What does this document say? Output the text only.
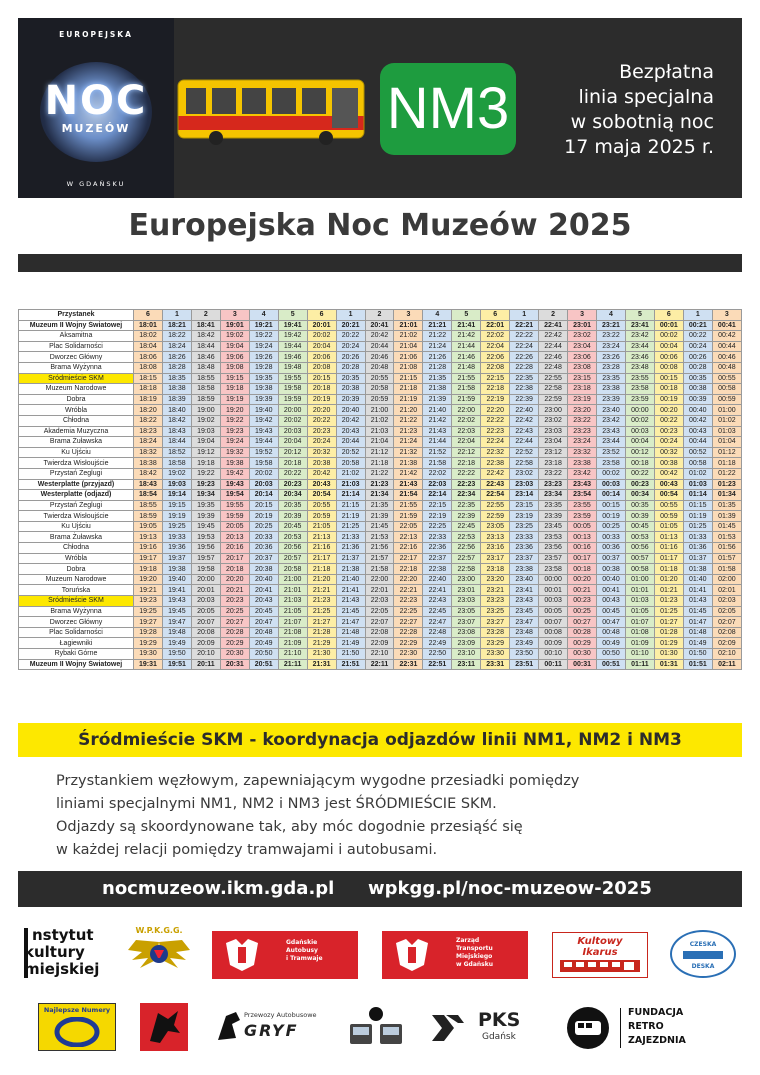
EUROPEJSKA
NOC
MUZEÓW
W GDAŃSKU
NM3
Bezpłatna
linia specjalna
w sobotnią noc
17 maja 2025 r.
Europejska Noc Muzeów 2025
Przystanek	6	1	2	3	4	5	6	1	2	3	4	5	6	1	2	3	4	5	6	1	3
Muzeum II Wojny Światowej	18:01	18:21	18:41	19:01	19:21	19:41	20:01	20:21	20:41	21:01	21:21	21:41	22:01	22:21	22:41	23:01	23:21	23:41	00:01	00:21	00:41
Aksamitna	18:02	18:22	18:42	19:02	19:22	19:42	20:02	20:22	20:42	21:02	21:22	21:42	22:02	22:22	22:42	23:02	23:22	23:42	00:02	00:22	00:42
Plac Solidarności	18:04	18:24	18:44	19:04	19:24	19:44	20:04	20:24	20:44	21:04	21:24	21:44	22:04	22:24	22:44	23:04	23:24	23:44	00:04	00:24	00:44
Dworzec Główny	18:06	18:26	18:46	19:06	19:26	19:46	20:06	20:26	20:46	21:06	21:26	21:46	22:06	22:26	22:46	23:06	23:26	23:46	00:06	00:26	00:46
Brama Wyżynna	18:08	18:28	18:48	19:08	19:28	19:48	20:08	20:28	20:48	21:08	21:28	21:48	22:08	22:28	22:48	23:08	23:28	23:48	00:08	00:28	00:48
Śródmieście SKM	18:15	18:35	18:55	19:15	19:35	19:55	20:15	20:35	20:55	21:15	21:35	21:55	22:15	22:35	22:55	23:15	23:35	23:55	00:15	00:35	00:55
Muzeum Narodowe	18:18	18:38	18:58	19:18	19:38	19:58	20:18	20:38	20:58	21:18	21:38	21:58	22:18	22:38	22:58	23:18	23:38	23:58	00:18	00:38	00:58
Dobra	18:19	18:39	18:59	19:19	19:39	19:59	20:19	20:39	20:59	21:19	21:39	21:59	22:19	22:39	22:59	23:19	23:39	23:59	00:19	00:39	00:59
Wróbla	18:20	18:40	19:00	19:20	19:40	20:00	20:20	20:40	21:00	21:20	21:40	22:00	22:20	22:40	23:00	23:20	23:40	00:00	00:20	00:40	01:00
Chłodna	18:22	18:42	19:02	19:22	19:42	20:02	20:22	20:42	21:02	21:22	21:42	22:02	22:22	22:42	23:02	23:22	23:42	00:02	00:22	00:42	01:02
Akademia Muzyczna	18:23	18:43	19:03	19:23	19:43	20:03	20:23	20:43	21:03	21:23	21:43	22:03	22:23	22:43	23:03	23:23	23:43	00:03	00:23	00:43	01:03
Brama Żuławska	18:24	18:44	19:04	19:24	19:44	20:04	20:24	20:44	21:04	21:24	21:44	22:04	22:24	22:44	23:04	23:24	23:44	00:04	00:24	00:44	01:04
Ku Ujściu	18:32	18:52	19:12	19:32	19:52	20:12	20:32	20:52	21:12	21:32	21:52	22:12	22:32	22:52	23:12	23:32	23:52	00:12	00:32	00:52	01:12
Twierdza Wisłoujście	18:38	18:58	19:18	19:38	19:58	20:18	20:38	20:58	21:18	21:38	21:58	22:18	22:38	22:58	23:18	23:38	23:58	00:18	00:38	00:58	01:18
Przystań Żeglugi	18:42	19:02	19:22	19:42	20:02	20:22	20:42	21:02	21:22	21:42	22:02	22:22	22:42	23:02	23:22	23:42	00:02	00:22	00:42	01:02	01:22
Westerplatte (przyjazd)	18:43	19:03	19:23	19:43	20:03	20:23	20:43	21:03	21:23	21:43	22:03	22:23	22:43	23:03	23:23	23:43	00:03	00:23	00:43	01:03	01:23
Westerplatte (odjazd)	18:54	19:14	19:34	19:54	20:14	20:34	20:54	21:14	21:34	21:54	22:14	22:34	22:54	23:14	23:34	23:54	00:14	00:34	00:54	01:14	01:34
Przystań Żeglugi	18:55	19:15	19:35	19:55	20:15	20:35	20:55	21:15	21:35	21:55	22:15	22:35	22:55	23:15	23:35	23:55	00:15	00:35	00:55	01:15	01:35
Twierdza Wisłoujście	18:59	19:19	19:39	19:59	20:19	20:39	20:59	21:19	21:39	21:59	22:19	22:39	22:59	23:19	23:39	23:59	00:19	00:39	00:59	01:19	01:39
Ku Ujściu	19:05	19:25	19:45	20:05	20:25	20:45	21:05	21:25	21:45	22:05	22:25	22:45	23:05	23:25	23:45	00:05	00:25	00:45	01:05	01:25	01:45
Brama Żuławska	19:13	19:33	19:53	20:13	20:33	20:53	21:13	21:33	21:53	22:13	22:33	22:53	23:13	23:33	23:53	00:13	00:33	00:53	01:13	01:33	01:53
Chłodna	19:16	19:36	19:56	20:16	20:36	20:56	21:16	21:36	21:56	22:16	22:36	22:56	23:16	23:36	23:56	00:16	00:36	00:56	01:16	01:36	01:56
Wróbla	19:17	19:37	19:57	20:17	20:37	20:57	21:17	21:37	21:57	22:17	22:37	22:57	23:17	23:37	23:57	00:17	00:37	00:57	01:17	01:37	01:57
Dobra	19:18	19:38	19:58	20:18	20:38	20:58	21:18	21:38	21:58	22:18	22:38	22:58	23:18	23:38	23:58	00:18	00:38	00:58	01:18	01:38	01:58
Muzeum Narodowe	19:20	19:40	20:00	20:20	20:40	21:00	21:20	21:40	22:00	22:20	22:40	23:00	23:20	23:40	00:00	00:20	00:40	01:00	01:20	01:40	02:00
Toruńska	19:21	19:41	20:01	20:21	20:41	21:01	21:21	21:41	22:01	22:21	22:41	23:01	23:21	23:41	00:01	00:21	00:41	01:01	01:21	01:41	02:01
Śródmieście SKM	19:23	19:43	20:03	20:23	20:43	21:03	21:23	21:43	22:03	22:23	22:43	23:03	23:23	23:43	00:03	00:23	00:43	01:03	01:23	01:43	02:03
Brama Wyżynna	19:25	19:45	20:05	20:25	20:45	21:05	21:25	21:45	22:05	22:25	22:45	23:05	23:25	23:45	00:05	00:25	00:45	01:05	01:25	01:45	02:05
Dworzec Główny	19:27	19:47	20:07	20:27	20:47	21:07	21:27	21:47	22:07	22:27	22:47	23:07	23:27	23:47	00:07	00:27	00:47	01:07	01:27	01:47	02:07
Plac Solidarności	19:28	19:48	20:08	20:28	20:48	21:08	21:28	21:48	22:08	22:28	22:48	23:08	23:28	23:48	00:08	00:28	00:48	01:08	01:28	01:48	02:08
Łagiewniki	19:29	19:49	20:09	20:29	20:49	21:09	21:29	21:49	22:09	22:29	22:49	23:09	23:29	23:49	00:09	00:29	00:49	01:09	01:29	01:49	02:09
Rybaki Górne	19:30	19:50	20:10	20:30	20:50	21:10	21:30	21:50	22:10	22:30	22:50	23:10	23:30	23:50	00:10	00:30	00:50	01:10	01:30	01:50	02:10
Muzeum II Wojny Światowej	19:31	19:51	20:11	20:31	20:51	21:11	21:31	21:51	22:11	22:31	22:51	23:11	23:31	23:51	00:11	00:31	00:51	01:11	01:31	01:51	02:11
Śródmieście SKM - koordynacja odjazdów linii NM1, NM2 i NM3
Przystankiem węzłowym, zapewniającym wygodne przesiadki pomiędzy
liniami specjalnymi NM1, NM2 i NM3 jest ŚRÓDMIEŚCIE SKM.
Odjazdy są skoordynowane tak, aby móc dogodnie przesiąść się
w każdej relacji pomiędzy tramwajami i autobusami.
nocmuzeow.ikm.gda.pl wpkgg.pl/noc-muzeow-2025
nstytut
kultury
miejskiej
W.P.K.G.G.
Gdańskie
Autobusy
i Tramwaje
Zarząd
Transportu
Miejskiego
w Gdańsku
Kultowy
Ikarus
CZESKA
DESKA
Najlepsze Numery
Przewozy Autobusowe
GRYF	PKS
Gdańsk
FUNDACJA
RETRO
ZAJEZDNIA
